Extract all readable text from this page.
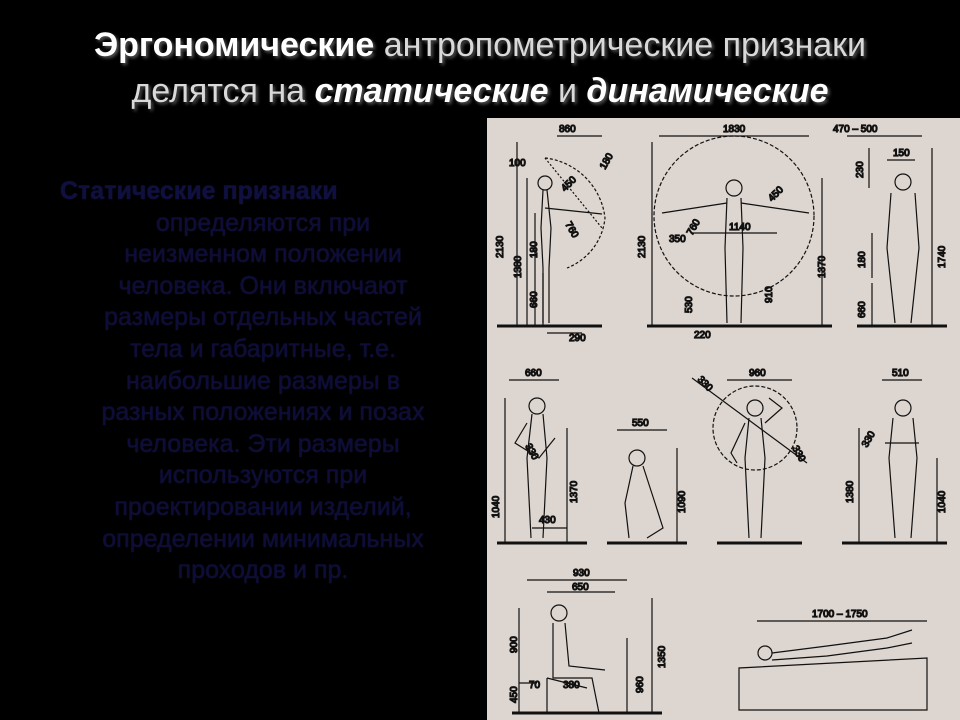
Эргономические антропометрические признаки
делятся на статические и динамические
Статические признаки
определяются при
неизменном положении
человека. Они включают
размеры отдельных частей
тела и габаритные, т.е.
наибольшие размеры в
разных положениях и позах
человека. Эти размеры
используются при
проектировании изделий,
определении минимальных
проходов и пр.
860
100	180
450
760
2130
1380
180
660
290
1830
2130 350
760
450
1140
530
910
1370
220
470 – 500
150
230
180
660
1740
660
330
1040
430
1370
550
1090
330
960
330
510
330
1380	1040
930
650
900
450
70 380	960
1350
1700 – 1750
